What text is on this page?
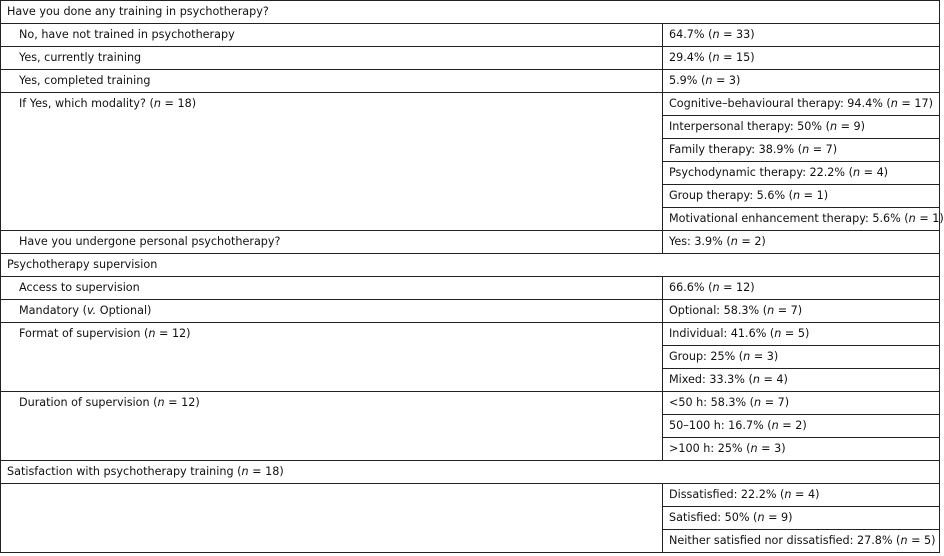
Have you done any training in psychotherapy?	
No, have not trained in psychotherapy	64.7% (n = 33)
Yes, currently training	29.4% (n = 15)
Yes, completed training	5.9% (n = 3)
If Yes, which modality? (n = 18)	Cognitive–behavioural therapy: 94.4% (n = 17)
	Interpersonal therapy: 50% (n = 9)
	Family therapy: 38.9% (n = 7)
	Psychodynamic therapy: 22.2% (n = 4)
	Group therapy: 5.6% (n = 1)
	Motivational enhancement therapy: 5.6% (n = 1)
Have you undergone personal psychotherapy?	Yes: 3.9% (n = 2)
Psychotherapy supervision	
Access to supervision	66.6% (n = 12)
Mandatory (v. Optional)	Optional: 58.3% (n = 7)
Format of supervision (n = 12)	Individual: 41.6% (n = 5)
	Group: 25% (n = 3)
	Mixed: 33.3% (n = 4)
Duration of supervision (n = 12)	<50 h: 58.3% (n = 7)
	50–100 h: 16.7% (n = 2)
	>100 h: 25% (n = 3)
Satisfaction with psychotherapy training (n = 18)	
	Dissatisfied: 22.2% (n = 4)
	Satisfied: 50% (n = 9)
	Neither satisfied nor dissatisfied: 27.8% (n = 5)
